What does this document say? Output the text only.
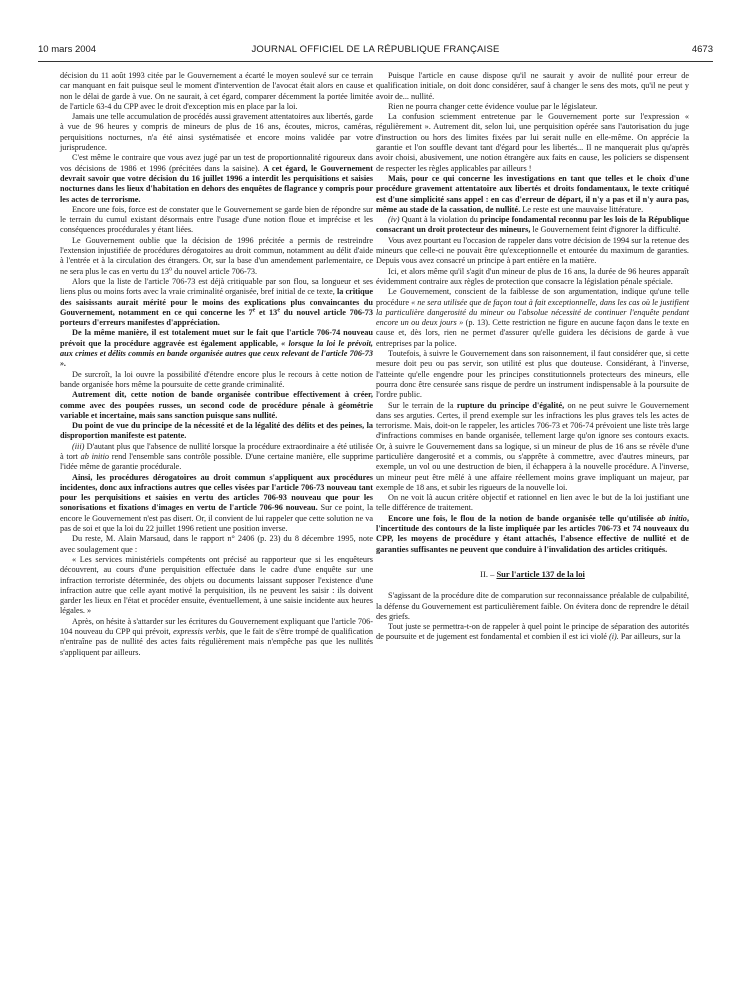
10 mars 2004	JOURNAL OFFICIEL DE LA RÉPUBLIQUE FRANÇAISE	4673

décision du 11 août 1993 citée par le Gouvernement a écarté le moyen soulevé sur ce terrain car manquant en fait puisque seul le moment d'intervention de l'avocat était alors en cause et non le délai de garde à vue. On ne saurait, à cet égard, comparer décemment la portée limitée de l'article 63-4 du CPP avec le droit d'exception mis en place par la loi.

Jamais une telle accumulation de procédés aussi gravement attentatoires aux libertés, garde à vue de 96 heures y compris de mineurs de plus de 16 ans, écoutes, micros, caméras, perquisitions nocturnes, n'a été ainsi systématisée et encore moins validée par votre jurisprudence.

C'est même le contraire que vous avez jugé par un test de proportionnalité rigoureux dans vos décisions de 1986 et 1996 (précitées dans la saisine). A cet égard, le Gouvernement devrait savoir que votre décision du 16 juillet 1996 a interdit les perquisitions et saisies nocturnes dans les lieux d'habitation en dehors des enquêtes de flagrance y compris pour les actes de terrorisme.

Encore une fois, force est de constater que le Gouvernement se garde bien de répondre sur le terrain du cumul existant désormais entre l'usage d'une notion floue et imprécise et les conséquences procédurales y étant liées.

Le Gouvernement oublie que la décision de 1996 précitée a permis de restreindre l'extension injustifiée de procédures dérogatoires au droit commun, notamment au délit d'aide à l'entrée et à la circulation des étrangers. Or, sur la base d'un amendement parlementaire, ce ne sera plus le cas en vertu du 13$^o$ du nouvel article 706-73.

Alors que la liste de l'article 706-73 est déjà critiquable par son flou, sa longueur et ses liens plus ou moins forts avec la vraie criminalité organisée, bref initial de ce texte, la critique des saisissants aurait mérité pour le moins des explications plus convaincantes du Gouvernement, notamment en ce qui concerne les 7e et 13e du nouvel article 706-73 porteurs d'erreurs manifestes d'appréciation.

De la même manière, il est totalement muet sur le fait que l'article 706-74 nouveau prévoit que la procédure aggravée est également applicable, « lorsque la loi le prévoit, aux crimes et délits commis en bande organisée autres que ceux relevant de l'article 706-73 ».

De surcroît, la loi ouvre la possibilité d'étendre encore plus le recours à cette notion de bande organisée hors même la poursuite de cette grande criminalité.

Autrement dit, cette notion de bande organisée contribue effectivement à créer, comme avec des poupées russes, un second code de procédure pénale à géométrie variable et incertaine, mais sans sanction puisque sans nullité.

Du point de vue du principe de la nécessité et de la légalité des délits et des peines, la disproportion manifeste est patente.

(iii) D'autant plus que l'absence de nullité lorsque la procédure extraordinaire a été utilisée à tort ab initio rend l'ensemble sans contrôle possible. D'une certaine manière, elle supprime l'idée même de garantie procédurale.

Ainsi, les procédures dérogatoires au droit commun s'appliquent aux procédures incidentes, donc aux infractions autres que celles visées par l'article 706-73 nouveau tant pour les perquisitions et saisies en vertu des articles 706-93 nouveau que pour les sonorisations et fixations d'images en vertu de l'article 706-96 nouveau. Sur ce point, la encore le Gouvernement n'est pas disert. Or, il convient de lui rappeler que cette solution ne va pas de soi et que la loi du 22 juillet 1996 retient une position inverse.

Du reste, M. Alain Marsaud, dans le rapport n° 2406 (p. 23) du 8 décembre 1995, note avec soulagement que :

« Les services ministériels compétents ont précisé au rapporteur que si les enquêteurs découvrent, au cours d'une perquisition effectuée dans le cadre d'une enquête sur une infraction terroriste déterminée, des objets ou documents laissant supposer l'existence d'une infraction autre que celle ayant motivé la perquisition, ils ne peuvent les saisir : ils doivent garder les lieux en l'état et procéder ensuite, éventuellement, à une saisie incidente aux heures légales. »

Après, on hésite à s'attarder sur les écritures du Gouvernement expliquant que l'article 706-104 nouveau du CPP qui prévoit, expressis verbis, que le fait de s'être trompé de qualification n'entraîne pas de nullité des actes faits régulièrement mais n'empêche pas que les nullités s'appliquent par ailleurs.

Puisque l'article en cause dispose qu'il ne saurait y avoir de nullité pour erreur de qualification initiale, on doit donc considérer, sauf à changer le sens des mots, qu'il ne peut y avoir de... nullité.

Rien ne pourra changer cette évidence voulue par le législateur.

La confusion sciemment entretenue par le Gouvernement porte sur l'expression « régulièrement ». Autrement dit, selon lui, une perquisition opérée sans l'autorisation du juge d'instruction ou hors des limites fixées par lui serait nulle en elle-même. On apprécie la garantie et l'on souffle devant tant d'égard pour les libertés... Il ne manquerait plus qu'après avoir choisi, abusivement, une notion étrangère aux faits en cause, les policiers se dispensent de respecter les règles applicables par ailleurs !

Mais, pour ce qui concerne les investigations en tant que telles et le choix d'une procédure gravement attentatoire aux libertés et droits fondamentaux, le texte critiqué est d'une simplicité sans appel : en cas d'erreur de départ, il n'y a pas et il n'y aura pas, même au stade de la cassation, de nullité. Le reste est une mauvaise littérature.

(iv) Quant à la violation du principe fondamental reconnu par les lois de la République consacrant un droit protecteur des mineurs, le Gouvernement feint d'ignorer la difficulté.

Vous avez pourtant eu l'occasion de rappeler dans votre décision de 1994 sur la retenue des mineurs que celle-ci ne pouvait être qu'exceptionnelle et entourée du maximum de garanties. Depuis vous avez consacré un principe à part entière en la matière.

Ici, et alors même qu'il s'agit d'un mineur de plus de 16 ans, la durée de 96 heures apparaît évidemment contraire aux règles de protection que consacre la législation pénale spéciale.

Le Gouvernement, conscient de la faiblesse de son argumentation, indique qu'une telle procédure « ne sera utilisée que de façon tout à fait exceptionnelle, dans les cas où le justifient la particulière dangerosité du mineur ou l'absolue nécessité de continuer l'enquête pendant encore un ou deux jours » (p. 13). Cette restriction ne figure en aucune façon dans le texte en cause et, dès lors, rien ne permet d'assurer qu'elle guidera les décisions de garde à vue entreprises par la police.

Toutefois, à suivre le Gouvernement dans son raisonnement, il faut considérer que, si cette mesure doit peu ou pas servir, son utilité est plus que douteuse. Considérant, à l'inverse, l'atteinte qu'elle engendre pour les principes constitutionnels protecteurs des mineurs, elle pourra donc être censurée sans risque de perdre un instrument indispensable à la poursuite de l'ordre public.

Sur le terrain de la rupture du principe d'égalité, on ne peut suivre le Gouvernement dans ses arguties. Certes, il prend exemple sur les infractions les plus graves tels les actes de terrorisme. Mais, doit-on le rappeler, les articles 706-73 et 706-74 prévoient une liste très large d'infractions commises en bande organisée, tellement large qu'on ignore ses contours exacts. Or, à suivre le Gouvernement dans sa logique, si un mineur de plus de 16 ans se révèle d'une particulière dangerosité et a commis, ou s'apprête à commettre, avec d'autres mineurs, par exemple, un vol ou une destruction de bien, il échappera à la nouvelle procédure. A l'inverse, un mineur peut être mêlé à une affaire réellement moins grave impliquant un majeur, par exemple de 18 ans, et subir les rigueurs de la nouvelle loi.

On ne voit là aucun critère objectif et rationnel en lien avec le but de la loi justifiant une telle différence de traitement.

Encore une fois, le flou de la notion de bande organisée telle qu'utilisée ab initio, l'incertitude des contours de la liste impliquée par les articles 706-73 et 74 nouveaux du CPP, les moyens de procédure y étant attachés, l'absence effective de nullité et de garanties suffisantes ne peuvent que conduire à l'invalidation des articles critiqués.

II. – Sur l'article 137 de la loi

S'agissant de la procédure dite de comparution sur reconnaissance préalable de culpabilité, la défense du Gouvernement est particulièrement faible. On évitera donc de reprendre le détail des griefs.

Tout juste se permettra-t-on de rappeler à quel point le principe de séparation des autorités de poursuite et de jugement est fondamental et combien il est ici violé (i). Par ailleurs, sur la
